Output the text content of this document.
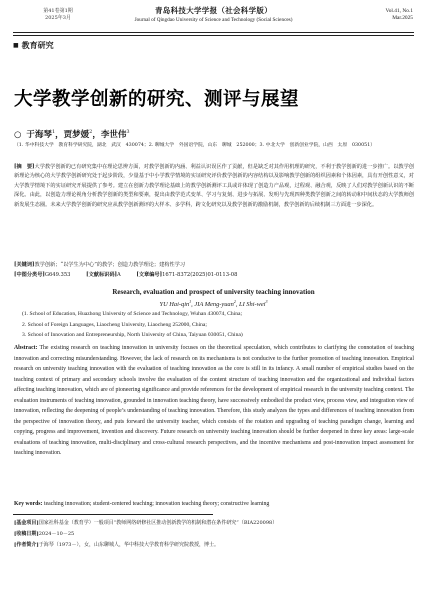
第41卷第1期
2025年3月
青岛科技大学学报（社会科学版）
Journal of Qingdao University of Science and Technology (Social Sciences)
Vol.41, No.1
Mar.2025
■ 教育研究
大学教学创新的研究、测评与展望
○ 于海琴$^1$，贾梦媛$^2$，李世伟$^3$
（1. 华中科技大学　教育科学研究院，湖北　武汉　430074；2. 聊城大学　外国语学院，山东　聊城　252000；3. 中北大学　创新创业学院，山西　太原　030051）
[摘　要]大学教学创新的已有研究集中在理论思辨方面，对教学创新的内涵、利益认识误区作了贡献，但是缺乏对其作用机理的研究，不利于教学创新的进一步推广。以教学创新理论为核心的大学教学创新研究处于起步阶段，少量基于中小学教学情境的实证研究评价教学创新的内容结构以及影响教学创新的组织因素和个体因素，具有开创性意义，对大学教学情境下的实证研究开展提供了参考。建立在创新力教学理论基础上的教学创新测评工具或许体现了创造力产品观，过程观、融合观，反映了人们对教学创新认识的不断深化。由此，以创造力理论视角分析教学创新的类型和要素，提出由教学范式变革、学习与复刻、进步与拓展、发明与先现四种类教学创新之间的转动和中间状态的大学教师创新发展生态圈。未来大学教学创新的研究应从教学创新测评的大样本、多学科，跨文化研究以及教学创新的激励机制，教学创新的后续机制三方面进一步深化。
[关键词]教学创新；“以学生为中心”的教学；创造力教学理论；建构性学习
[中图分类号]G649.353	[文献标识码]A	[文章编号]1671-8372(2025)01-0113-08
Research, evaluation and prospect of university teaching innovation
YU Hai-qin$^1$, JIA Meng-yuan$^2$, LI Shi-wei$^3$
(1. School of Education, Huazhong University of Science and Technology, Wuhan 430074, China;
2. School of Foreign Languages, Liaocheng University, Liaocheng 252000, China;
3. School of Innovation and Entrepreneurship, North University of China, Taiyuan 030051, China)
Abstract: The existing research on teaching innovation in university focuses on the theoretical speculation, which contributes to clarifying the connotation of teaching innovation and correcting misunderstanding. However, the lack of research on its mechanisms is not conducive to the further promotion of teaching innovation. Empirical research on university teaching innovation with the evaluation of teaching innovation as the core is still in its infancy. A small number of empirical studies based on the teaching context of primary and secondary schools involve the evaluation of the content structure of teaching innovation and the organizational and individual factors affecting teaching innovation, which are of pioneering significance and provide references for the development of empirical research in the university teaching context. The evaluation instruments of teaching innovation, grounded in innovation teaching theory, have successively embodied the product view, process view, and integration view of innovation, reflecting the deepening of people’s understanding of teaching innovation. Therefore, this study analyzes the types and differences of teaching innovation from the perspective of innovation theory, and puts forward the university teacher, which consists of the rotation and upgrading of teaching paradigm change, learning and copying, progress and improvement, invention and discovery. Future research on university teaching innovation should be further deepened in three key areas: large-scale evaluations of teaching innovation, multi-disciplinary and cross-cultural research perspectives, and the incentive mechanisms and post-innovation impact assessment for teaching innovation.
Key words: teaching innovation; student-centered teaching; innovation teaching theory; constructive learning
[基金项目]国家社科基金（教育学）一般项目“教师网络研修社区推动创新教学的机制和潜在条件研究”（BIA220098）
[收稿日期]2024－10－25
[作者简介]于海琴（1973－），女，山东聊城人，华中科技大学教育科学研究院教授，博士。
